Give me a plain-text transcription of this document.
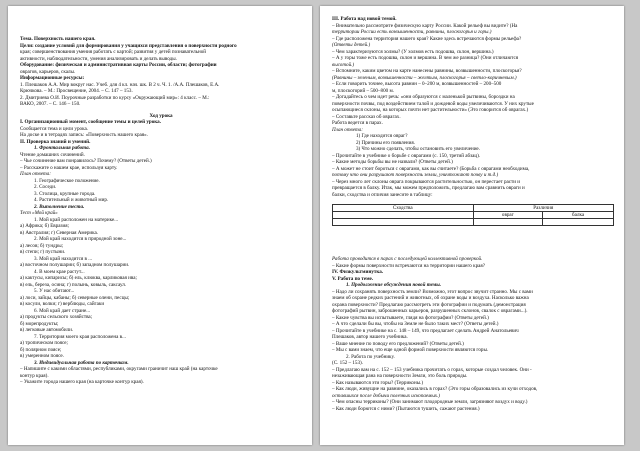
Тема. Поверхность нашего края.
Цели: создание условий для формирования у учащихся представления о поверхности родного
края; совершенствования умения работать с картой; развития у детей познавательной
активности, наблюдательности, умения анализировать и делать выводы.
Оборудование: физическая и административная карты России, области; фотографии
оврагов, карьеров, скалы.
Информационные ресурсы:
1. Плешаков А.А. Мир вокруг нас. Учеб. для 4 кл. нач. шк. В 2 ч. Ч. 1. /А.А. Плешаков, Е.А.
Крючкова. – М.: Просвещение, 2004. – С. 147 – 153.
2. Дмитриева О.И. Поурочные разработки по курсу «Окружающий мир»: 4 класс. – М.:
ВАКО, 2007. – С. 146 – 150.
Ход урока
I. Организационный момент, сообщение темы и целей урока.
Сообщается тема и цели урока.
На доске и в тетрадях запись: «Поверхность нашего края».
II. Проверка знаний и умений.
1. Фронтальная работа.
Чтение домашних сочинений.
– Чье сочинение вам понравилось? Почему? (Ответы детей.)
– Расскажите о нашем крае, используя карту.
План ответа:
1. Географическое положение.
2. Соседи.
3. Столица, крупные города.
4. Растительный и животный мир.
2. Выполнение теста.
Тест «Мой край»
1. Мой край расположен на материке...
а) Африка; б) Евразия;
в) Австралия; г) Северная Америка.
2. Мой край находится в природной зоне...
а) лесов; б) тундры;
в) степи; г) пустыни.
3. Мой край находится в ...
а) восточном полушарии; б) западном полушарии.
4. В моем крае растут...
а) кактусы, кипарисы; б) ель, клюква, карликовая ива;
в) ель, береза, осина; г) полынь, ковыль, саксаул.
5. У нас обитают...
а) лоси, зайцы, кабаны; б) северные олени, песцы;
в) косули, волки; г) верблюды, сайгаки
6. Мой край дает стране...
а) продукты сельского хозяйства;
б) морепродукты;
в) легковые автомобили.
7. Территория моего края расположена в...
а) тропическом поясе;
б) полярном поясе;
в) умеренном поясе.
3. Индивидуальная работа по карточкам.
– Напишите с какими областями, республиками, округами граничит наш край (на карточке
контур края).
– Укажите города нашего края (на карточке контур края).
III. Работа над новой темой.
– Внимательно рассмотрите физическую карту России. Какой рельеф вы видите? (На
территории России есть возвышенности, равнины, плоскогорья и горы.)
– Где расположена территория нашего края? Какие здесь встречаются формы рельефа?
(Ответы детей.)
– Чем характеризуются холмы? (У холмов есть подошва, склон, вершина.)
– А у горы тоже есть подошва, склон и вершина. В чем же разница? (Они отличаются
высотой.)
– Вспомните, каким цветом на карте нанесены равнины, возвышенности, плоскогорья?
(Равнины – зеленым, возвышенности – желтым, плоскогорья – светло-коричневым.)
– Если говорить точнее, высота равнин – 0–200 м, возвышенностей – 200–500
м, плоскогорий – 500–800 м.
– Догадайтесь о чем идет речь: «они образуются с маленькой рытвины, бороздки на
поверхности почвы, под воздействием талой и дождевой воды увеличиваются. У них крутые
осыпающиеся склоны, на которых почти нет растительности» (Это говорится об оврагах.)
– Составьте рассказ об оврагах.
Работа ведется в парах.
План ответа:
1) Где находится овраг?
2) Причины его появления.
3) Что можно сделать, чтобы остановить его увеличение.
– Прочитайте в учебнике о борьбе с оврагами (с. 150, третий абзац).
– Какие методы борьбы вы не назвали? (Ответы детей.)
– А может не стоит бороться с оврагами, как вы считаете? (Борьба с оврагами необходима,
потому что они разрушают поверхность земли, уничтожают почву и т.д.)
– Через много лет склоны оврага покрываются растительностью, он перестает расти и
превращается в балку. Итак, мы можем предположить, предлагаю вам сравнить овраги и
балки, сходства и отличия занесите в таблицу:
Сходства	Различия	
	овраг	балка

Работа проводится в парах с последующей коллективной проверкой.
– Какие формы поверхности встречаются на территории нашего края?
IV. Физкультминутка.
V. Работа по теме.
1. Продолжение обсуждения новой темы.
– Надо ли сохранять поверхность земли? Возможно, этот вопрос звучит странно. Мы с вами
знаем об охране редких растений и животных, об охране воды и воздуха. Насколько важна
охрана поверхности? Предлагаю рассмотреть эти фотографии и подумать (демонстрация
фотографий рытвин, заброшенных карьеров, разрушенных склонов, свалок с оврагами...).
– Какие чувства вы испытываете, глядя на фотографии? (Ответы детей.)
– А что сделали бы вы, чтобы на Земле не было таких мест? (Ответы детей.)
– Прочитайте в учебнике на с. 148 – 149, что предлагает сделать Андрей Анатольевич
Плешаков, автор нашего учебника.
– Ваше мнение по поводу его предложений? (Ответы детей.)
– Мы с вами знаем, что еще одной формой поверхности являются горы.
2. Работа по учебнику.
(С. 152 – 153).
– Предлагаю вам на с. 152 – 153 учебника прочитать о горах, которые создал человек. Они -
незаживающая рана на поверхности Земли, это боль природы.
– Как называются эти горы? (Терриконы.)
– Как люди, живущие на равнине, оказались в горах? (Это горы образовались из кучи отходов,
оставшихся после добычи полезных ископаемых.)
– Чем опасны терриконы? (Они занимают плодородные земли, загрязняют воздух и воду.)
– Как люди борются с ними? (Пытаются тушить, сажают растения.)
